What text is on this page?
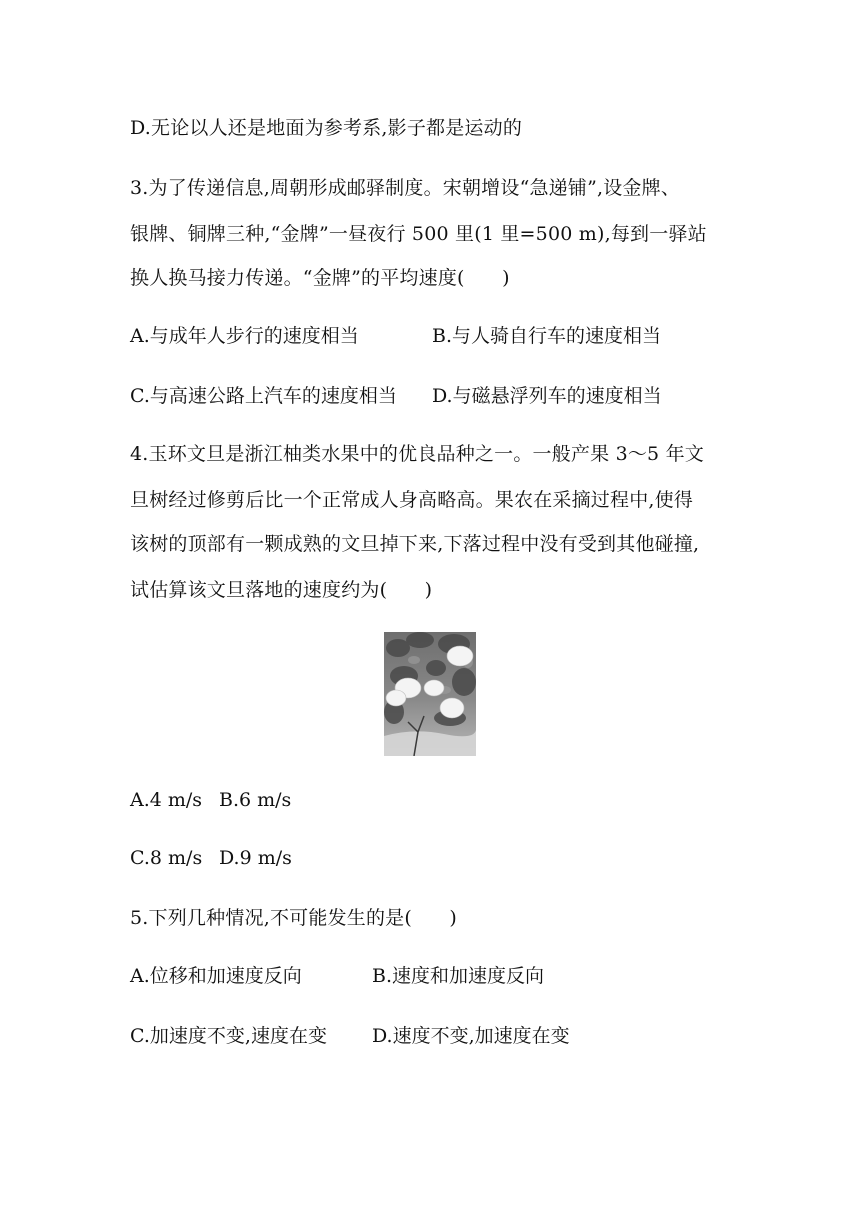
D.无论以人还是地面为参考系,影子都是运动的
3.为了传递信息,周朝形成邮驿制度。宋朝增设“急递铺”,设金牌、
银牌、铜牌三种,“金牌”一昼夜行 500 里(1 里=500 m),每到一驿站
换人换马接力传递。“金牌”的平均速度(      )
A.与成年人步行的速度相当	B.与人骑自行车的速度相当
C.与高速公路上汽车的速度相当 D.与磁悬浮列车的速度相当
4.玉环文旦是浙江柚类水果中的优良品种之一。一般产果 3～5 年文
旦树经过修剪后比一个正常成人身高略高。果农在采摘过程中,使得
该树的顶部有一颗成熟的文旦掉下来,下落过程中没有受到其他碰撞,
试估算该文旦落地的速度约为(      )
A.4 m/s B.6 m/s
C.8 m/s D.9 m/s
5.下列几种情况,不可能发生的是(      )
A.位移和加速度反向	B.速度和加速度反向
C.加速度不变,速度在变 D.速度不变,加速度在变
